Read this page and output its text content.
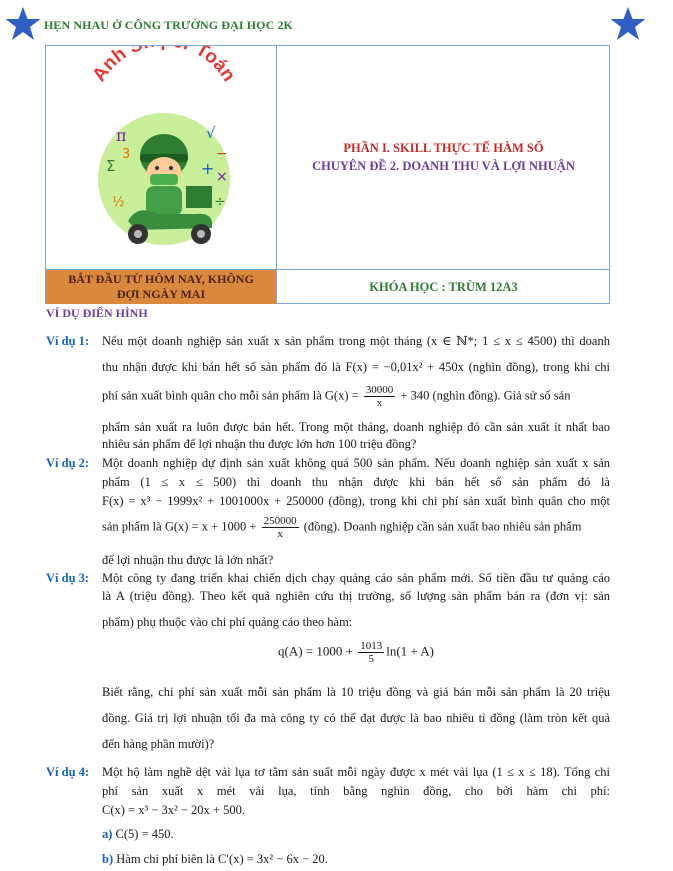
HẸN NHAU Ở CỔNG TRƯỜNG ĐẠI HỌC 2K
Anh Toán
π	√
Σ
3	−
+ ×
÷
½
PHẦN I. SKILL THỰC TẾ HÀM SỐ
CHUYÊN ĐỀ 2. DOANH THU VÀ LỢI NHUẬN
BẮT ĐẦU TỪ HÔM NAY, KHÔNG
ĐỢI NGÀY MAI
KHÓA HỌC : TRÙM 12A3
VÍ DỤ ĐIỂN HÌNH
Ví dụ 1: Nếu một doanh nghiệp sản xuất x sản phẩm trong một tháng (x ∈ ℕ*; 1 ≤ x ≤ 4500) thì doanh
thu nhận được khi bán hết số sản phẩm đó là F(x) = −0,01x² + 450x (nghìn đồng), trong khi chi
phí sản xuất bình quân cho mỗi sản phẩm là $G(x) = \frac{30000}{x} + 340$ (nghìn đồng). Giả sử số sản
phẩm sản xuất ra luôn được bán hết. Trong một tháng, doanh nghiệp đó cần sản xuất ít nhất bao
nhiêu sản phẩm để lợi nhuận thu được lớn hơn 100 triệu đồng?
Ví dụ 2: Một doanh nghiệp dự định sản xuất không quá 500 sản phẩm. Nếu doanh nghiệp sản xuất x sản
phẩm (1 ≤ x ≤ 500) thì doanh thu nhận được khi bán hết số sản phẩm đó là
F(x) = x³ − 1999x² + 1001000x + 250000 (đồng), trong khi chi phí sản xuất bình quân cho một
sản phẩm là $G(x) = x + 1000 + \frac{250000}{x}$ (đồng). Doanh nghiệp cần sản xuất bao nhiêu sản phẩm
để lợi nhuận thu được là lớn nhất?
Ví dụ 3: Một công ty đang triển khai chiến dịch chạy quảng cáo sản phẩm mới. Số tiền đầu tư quảng cáo
là A (triệu đồng). Theo kết quả nghiên cứu thị trường, số lượng sản phẩm bán ra (đơn vị: sản
phẩm) phụ thuộc vào chi phí quảng cáo theo hàm:
$q(A) = 1000 + \frac{1013}{5} \ln(1 + A)$
Biết rằng, chi phí sản xuất mỗi sản phẩm là 10 triệu đồng và giá bán mỗi sản phẩm là 20 triệu
đồng. Giá trị lợi nhuận tối đa mà công ty có thể đạt được là bao nhiêu tỉ đồng (làm tròn kết quả
đến hàng phần mười)?
Ví dụ 4: Một hộ làm nghề dệt vải lụa tơ tằm sản suất mỗi ngày được x mét vải lụa (1 ≤ x ≤ 18). Tổng chi
phí sản xuất x mét vải lụa, tính bằng nghìn đồng, cho bởi hàm chi phí:
C(x) = x³ − 3x² − 20x + 500.
a) C(5) = 450.
b) Hàm chi phí biên là C′(x) = 3x² − 6x − 20.
